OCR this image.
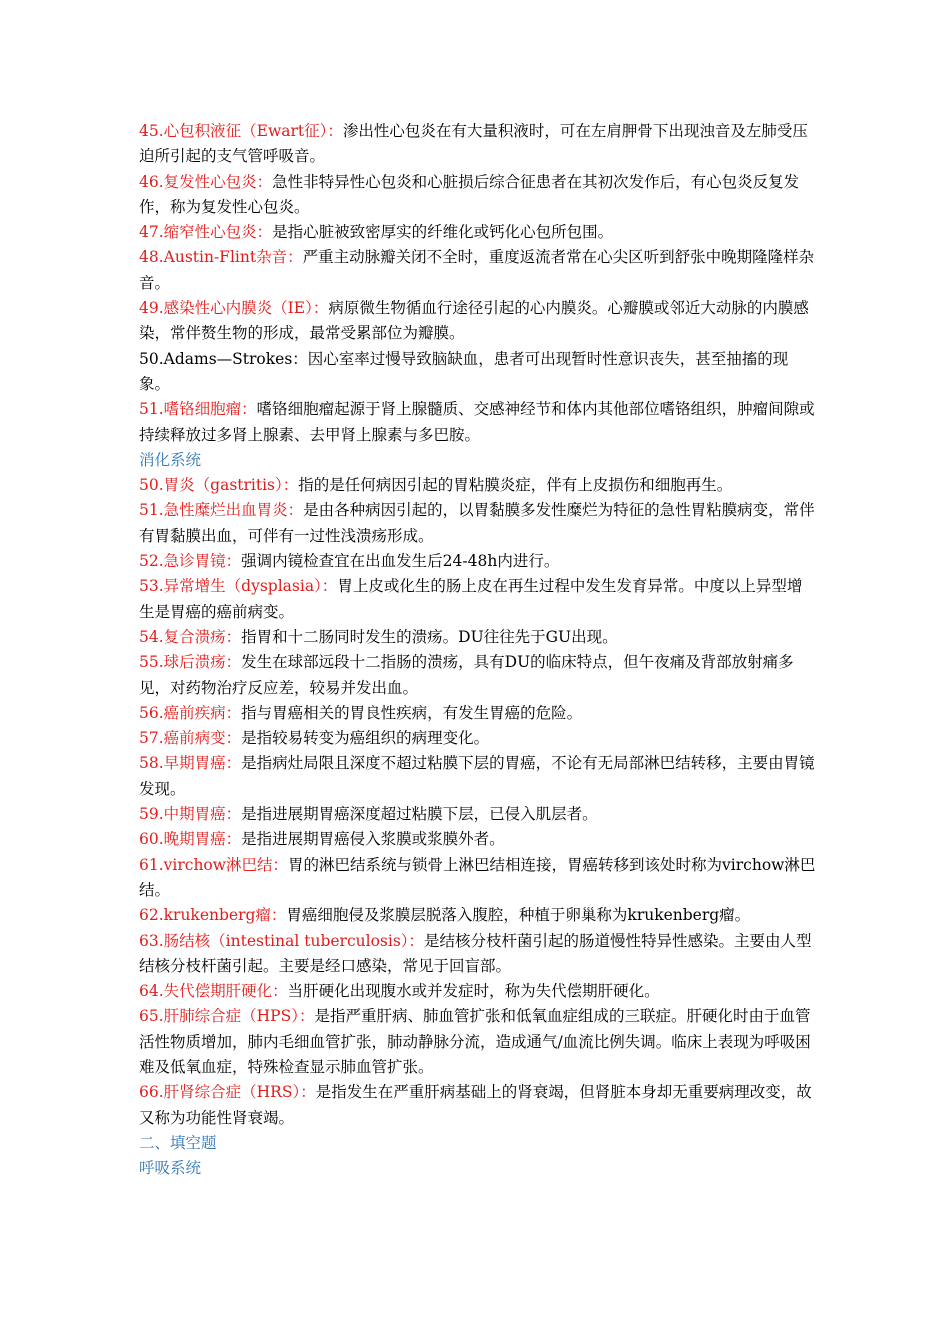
45.心包积液征（Ewart征）：渗出性心包炎在有大量积液时，可在左肩胛骨下出现浊音及左肺受压迫所引起的支气管呼吸音。

46.复发性心包炎：急性非特异性心包炎和心脏损后综合征患者在其初次发作后，有心包炎反复发作，称为复发性心包炎。

47.缩窄性心包炎：是指心脏被致密厚实的纤维化或钙化心包所包围。

48.Austin-Flint杂音：严重主动脉瓣关闭不全时，重度返流者常在心尖区听到舒张中晚期隆隆样杂音。

49.感染性心内膜炎（IE）：病原微生物循血行途径引起的心内膜炎。心瓣膜或邻近大动脉的内膜感染，常伴赘生物的形成，最常受累部位为瓣膜。

50.Adams—Strokes：因心室率过慢导致脑缺血，患者可出现暂时性意识丧失，甚至抽搐的现象。

51.嗜铬细胞瘤：嗜铬细胞瘤起源于肾上腺髓质、交感神经节和体内其他部位嗜铬组织，肿瘤间隙或持续释放过多肾上腺素、去甲肾上腺素与多巴胺。

消化系统

50.胃炎（gastritis）：指的是任何病因引起的胃粘膜炎症，伴有上皮损伤和细胞再生。

51.急性糜烂出血胃炎：是由各种病因引起的，以胃黏膜多发性糜烂为特征的急性胃粘膜病变，常伴有胃黏膜出血，可伴有一过性浅溃疡形成。

52.急诊胃镜：强调内镜检查宜在出血发生后24-48h内进行。

53.异常增生（dysplasia）：胃上皮或化生的肠上皮在再生过程中发生发育异常。中度以上异型增生是胃癌的癌前病变。

54.复合溃疡：指胃和十二肠同时发生的溃疡。DU往往先于GU出现。

55.球后溃疡：发生在球部远段十二指肠的溃疡，具有DU的临床特点，但午夜痛及背部放射痛多见，对药物治疗反应差，较易并发出血。

56.癌前疾病：指与胃癌相关的胃良性疾病，有发生胃癌的危险。

57.癌前病变：是指较易转变为癌组织的病理变化。

58.早期胃癌：是指病灶局限且深度不超过粘膜下层的胃癌，不论有无局部淋巴结转移，主要由胃镜发现。

59.中期胃癌：是指进展期胃癌深度超过粘膜下层，已侵入肌层者。

60.晚期胃癌：是指进展期胃癌侵入浆膜或浆膜外者。

61.virchow淋巴结：胃的淋巴结系统与锁骨上淋巴结相连接，胃癌转移到该处时称为virchow淋巴结。

62.krukenberg瘤：胃癌细胞侵及浆膜层脱落入腹腔，种植于卵巢称为krukenberg瘤。

63.肠结核（intestinal tuberculosis）：是结核分枝杆菌引起的肠道慢性特异性感染。主要由人型结核分枝杆菌引起。主要是经口感染，常见于回盲部。

64.失代偿期肝硬化：当肝硬化出现腹水或并发症时，称为失代偿期肝硬化。

65.肝肺综合症（HPS）：是指严重肝病、肺血管扩张和低氧血症组成的三联症。肝硬化时由于血管活性物质增加，肺内毛细血管扩张，肺动静脉分流，造成通气/血流比例失调。临床上表现为呼吸困难及低氧血症，特殊检查显示肺血管扩张。

66.肝肾综合症（HRS）：是指发生在严重肝病基础上的肾衰竭，但肾脏本身却无重要病理改变，故又称为功能性肾衰竭。

二、填空题

呼吸系统
